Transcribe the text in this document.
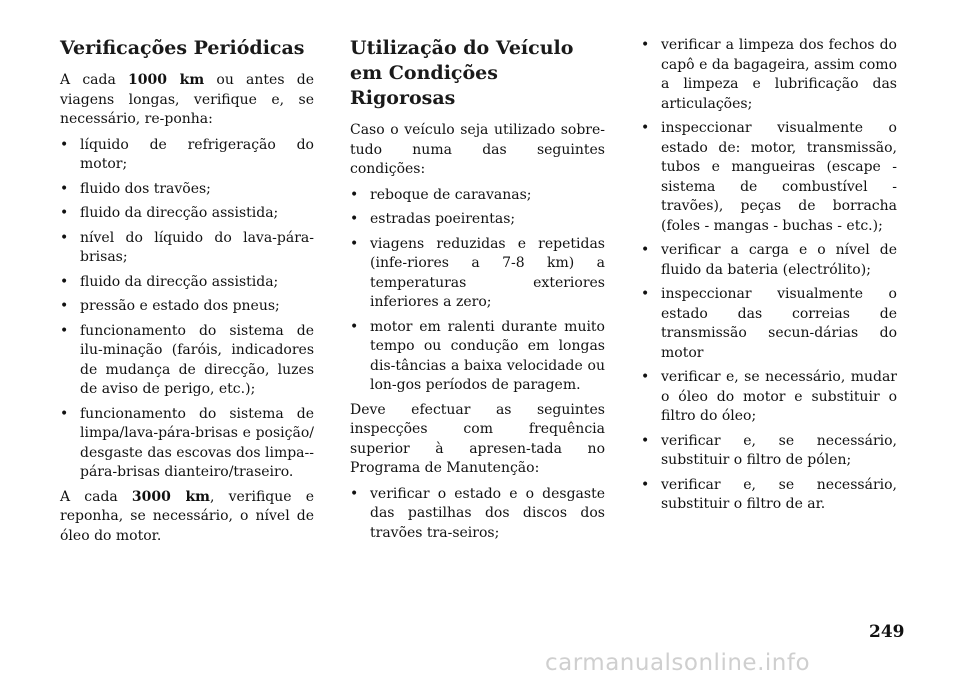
Verificações Periódicas

A cada 1000 km ou antes de viagens longas, verifique e, se necessário, re-ponha:

• líquido de refrigeração do motor;
• fluido dos travões;
• fluido da direcção assistida;
• nível do líquido do lava-pára-brisas;
• fluido da direcção assistida;
• pressão e estado dos pneus;
• funcionamento do sistema de ilu-minação (faróis, indicadores de mudança de direcção, luzes de aviso de perigo, etc.);
• funcionamento do sistema de limpa/lava-pára-brisas e posição/ desgaste das escovas dos limpa--pára-brisas dianteiro/traseiro.

A cada 3000 km, verifique e reponha, se necessário, o nível de óleo do motor.

Utilização do Veículo em Condições Rigorosas

Caso o veículo seja utilizado sobre-tudo numa das seguintes condições:

• reboque de caravanas;
• estradas poeirentas;
• viagens reduzidas e repetidas (infe-riores a 7-8 km) a temperaturas exteriores inferiores a zero;
• motor em ralenti durante muito tempo ou condução em longas dis-tâncias a baixa velocidade ou lon-gos períodos de paragem.

Deve efectuar as seguintes inspecções com frequência superior à apresen-tada no Programa de Manutenção:

• verificar o estado e o desgaste das pastilhas dos discos dos travões tra-seiros;
• verificar a limpeza dos fechos do capô e da bagageira, assim como a limpeza e lubrificação das articulações;
• inspeccionar visualmente o estado de: motor, transmissão, tubos e mangueiras (escape - sistema de combustível - travões), peças de borracha (foles - mangas - buchas - etc.);
• verificar a carga e o nível de fluido da bateria (electrólito);
• inspeccionar visualmente o estado das correias de transmissão secun-dárias do motor
• verificar e, se necessário, mudar o óleo do motor e substituir o filtro do óleo;
• verificar e, se necessário, substituir o filtro de pólen;
• verificar e, se necessário, substituir o filtro de ar.
249
carmanualsonline.info
